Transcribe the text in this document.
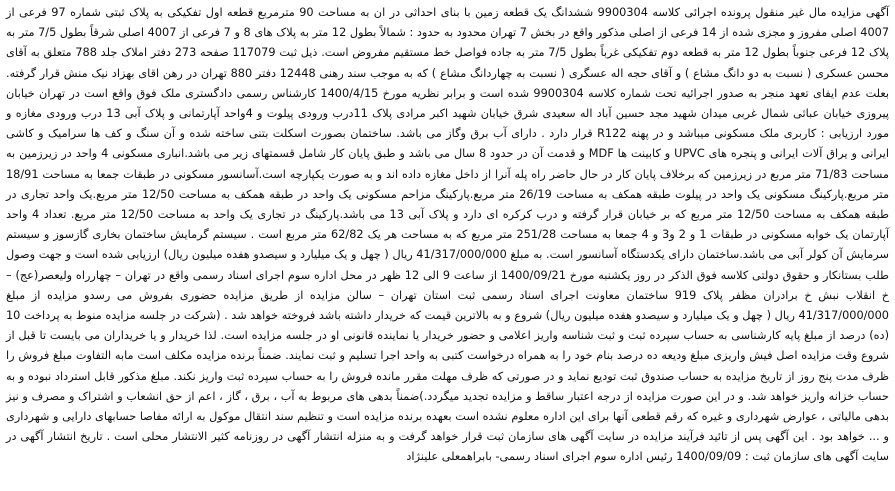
آگهی مزایده مال غیر منقول پرونده اجرائی کلاسه 9900304 ششدانگ یک قطعه زمین با بنای احداثی در ان به مساحت 90 مترمربع قطعه اول تفکیکی به پلاک ثبتی شماره 97 فرعی از 4007 اصلی مفروز و مجزی شده از 14 فرعی از اصلی مذکور واقع در بخش 7 تهران محدود به حدود : شمالاً بطول 12 متر به پلاک های 8 و 7 فرعی از 4007 اصلی شرقاً بطول 7/5 متر به پلاک 12 فرعی جنوباً بطول 12 متر به قطعه دوم تفکیکی غرباً بطول 7/5 متر به جاده فواصل خط مستقیم مفروض است. ذیل ثبت 117079 صفحه 273 دفتر املاک جلد 788 متعلق به آقای محسن عسکری ( نسبت به دو دانگ مشاع ) و آقای حجه اله عسگری ( نسبت به چهاردانگ مشاع ) که به موجب سند رهنی 12448 دفتر 880 تهران در رهن اقای بهزاد نیک منش قرار گرفته. بعلت عدم ایفای تعهد منجر به صدور اجرائیه تحت شماره کلاسه 9900304 شده است و برابر نظریه مورخ 1400/4/15 کارشناس رسمی دادگستری ملک فوق واقع است در تهران خیابان پیروزی خیابان عباثی شمال غربی میدان شهید مجد حسین آباد اله سعیدی شرق خیابان شهید اکبر مرادی پلاک 11درب ورودی پیلوت و 4واحد آپارتمانی و پلاک آبی 13 درب ورودی مغازه و مورد ارزیابی : کاربری ملک مسکونی میباشد و در پهنه R122 قرار دارد . دارای آب برق وگاز می باشد. ساختمان بصورت اسکلت بتنی ساخته شده و آن سنگ و کف ها سرامیک و کاشی ایرانی و یراق آلات ایرانی و پنجره های UPVC و کابینت ها MDF و قدمت آن در حدود 8 سال می باشد و طبق پایان کار شامل قسمتهای زیر می باشد.انباری مسکونی 4 واحد در زیرزمین به مساحت 71/83 متر مربع در زیرزمین که برخلاف پایان کار در حال حاضر راه پله آنرا از داخل مغازه داده اند و به صورت یکپارچه است.آسانسور مسکونی در طبقات جمعا به مساحت 18/91 متر مربع.پارکینگ مسکونی یک واحد در پیلوت طبقه همکف به مساحت 26/19 متر مربع.پارکینگ مزاحم مسکونی یک واحد در طبقه همکف به مساحت 12/50 متر مربع.یک واحد تجاری در طبقه همکف به مساحت 12/50 متر مربع که بر خیابان قرار گرفته و درب کرکره ای دارد و پلاک آبی 13 می باشد.پارکینگ در تجاری یک واحد به مساحت 12/50 متر مربع. تعداد 4 واحد آپارتمان یک خوابه مسکونی در طبقات 1 و 2 و3 و 4 جمعا به مساحت 251/28 متر مربع که به مساحت هر یک 62/82 متر مربع است . سیستم گرمایش ساختمان بخاری گازسوز و سیستم سرمایش آن کولر آبی می باشد.ساختمان دارای یکدستگاه آسانسور است. به مبلغ 41/317/000/000 ریال ( چهل و یک میلیارد و سیصدو هفده میلیون ریال) ارزیابی شده است و جهت وصول طلب بستانکار و حقوق دولتی کلاسه فوق الذکر در روز یکشنبه مورخ 1400/09/21 از ساعت 9 الی 12 ظهر در محل اداره سوم اجرای اسناد رسمی واقع در تهران – چهارراه ولیعصر(عج) –خ انقلاب نبش خ برادران مظفر پلاک 919 ساختمان معاونت اجرای اسناد رسمی ثبت استان تهران – سالن مزایده از طریق مزایده حضوری بفروش می رسدو مزایده از مبلغ 41/317/000/000 ریال ( چهل و یک میلیارد و سیصدو هفده میلیون ریال) شروع و به بالاترین قیمت که خریدار داشته باشد فروخته خواهد شد . (شرکت در جلسه مزایده منوط به پرداخت 10 (ده) درصد از مبلغ پایه کارشناسی به حساب سپرده ثبت و ثبت شناسه واریز اعلامی و حضور خریدار یا نماینده قانونی او در جلسه مزایده است. لذا خریدار و یا خریداران می بایست تا قبل از شروع وقت مزایده اصل فیش واریزی مبلغ ودیعه ده درصد بنام خود را به همراه درخواست کتبی به واحد اجرا تسلیم و ثبت نمایند. ضمناً برنده مزایده مکلف است مابه التفاوت مبلغ فروش را ظرف مدت پنج روز از تاریخ مزایده به حساب صندوق ثبت تودیع نماید و در صورتی که ظرف مهلت مقرر مانده فروش را به حساب سپرده ثبت واریز نکند. مبلغ مذکور قابل استرداد نبوده و به حساب خزانه واریز خواهد شد. و در این صورت مزایده از درجه اعتبار ساقط و مزایده تجدید میگردد.)ضمناً بدهی های مربوط به آب ، برق ، گاز ، اعم از حق انشعاب و اشتراک و مصرف و نیز بدهی مالیاتی ، عوارض شهرداری و غیره که رقم قطعی آنها برای این اداره معلوم نشده است بعهده برنده مزایده است و تنظیم سند انتقال موکول به ارائه مفاصا حسابهای دارایی و شهرداری و ... خواهد بود . این آگهی پس از تائید فرآیند مزایده در سایت آگهی های سازمان ثبت قرار خواهد گرفت و به منزله انتشار آگهی در روزنامه کثیر الانتشار محلی است . تاریخ انتشار آگهی در سایت آگهی های سازمان ثبت : 1400/09/09 رئیس اداره سوم اجرای اسناد رسمی- بابراهمعلی علینژاد
